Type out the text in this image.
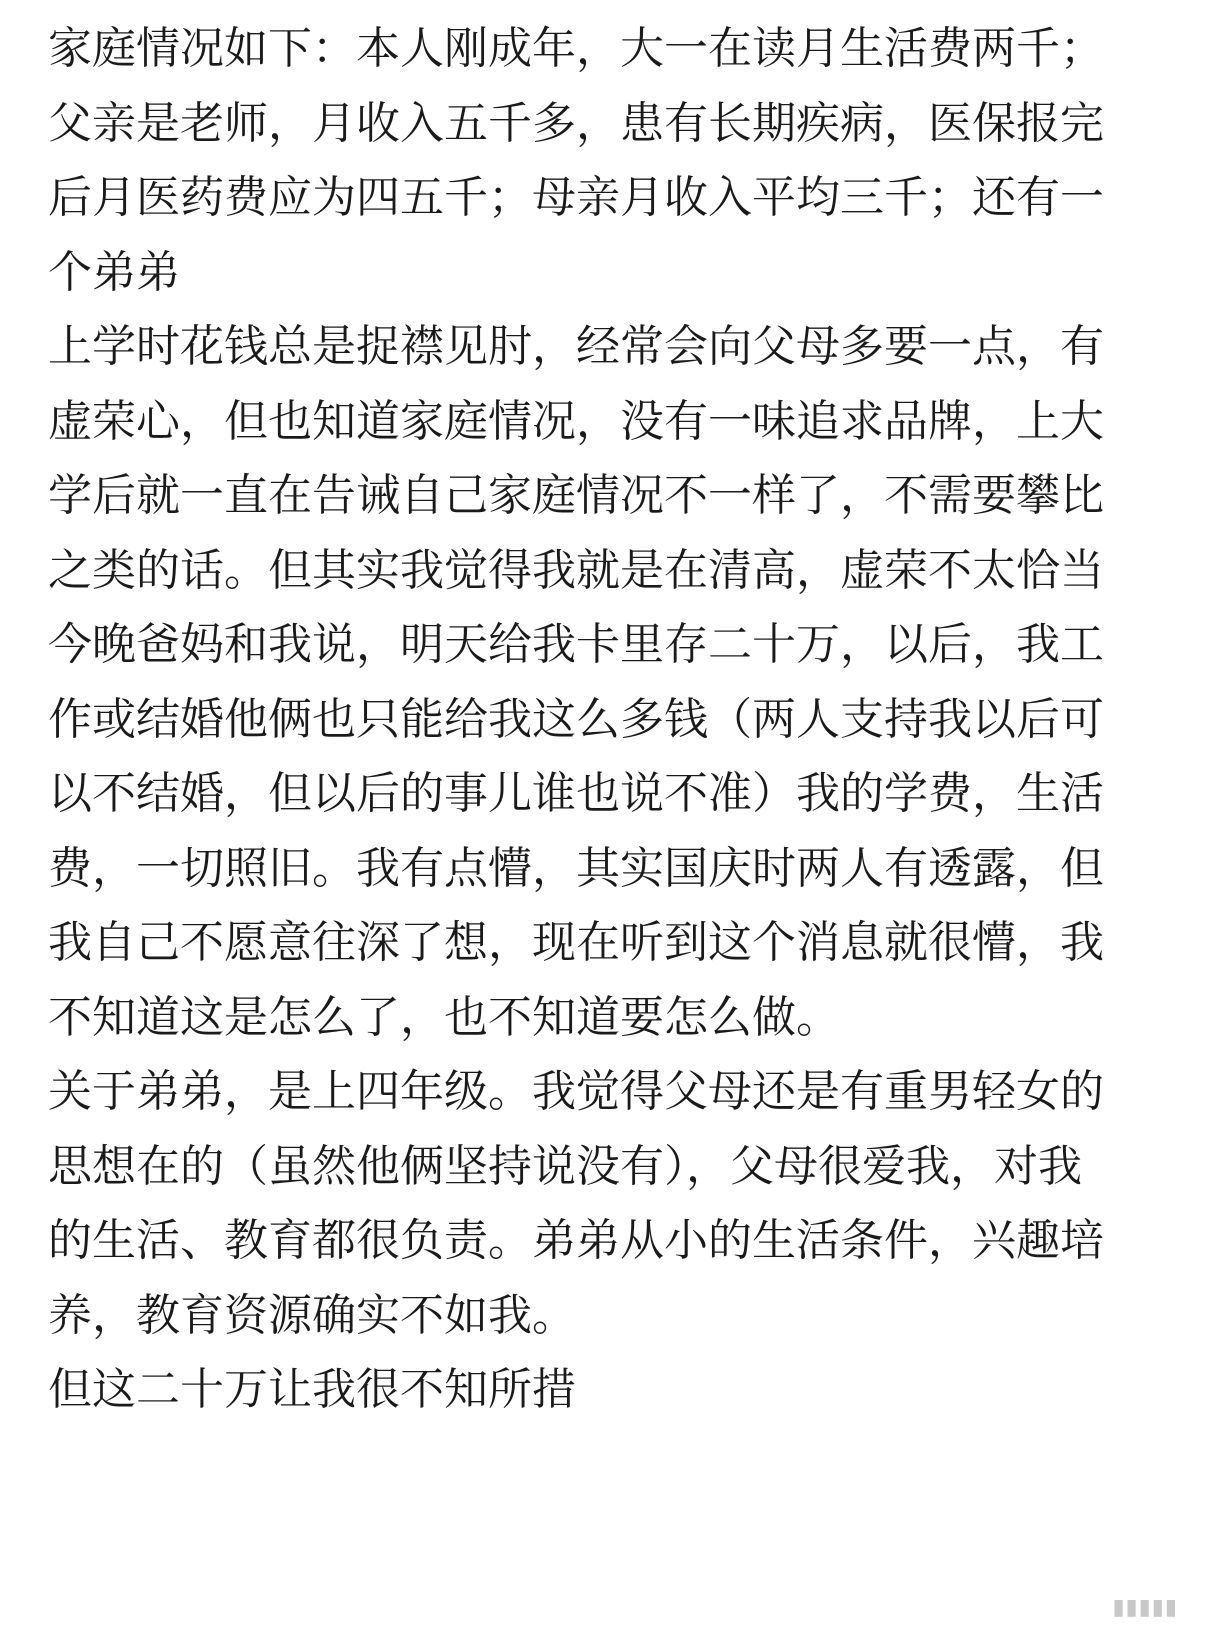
家庭情况如下：本人刚成年，大一在读月生活费两千；父亲是老师，月收入五千多，患有长期疾病，医保报完后月医药费应为四五千；母亲月收入平均三千；还有一个弟弟

上学时花钱总是捉襟见肘，经常会向父母多要一点，有虚荣心，但也知道家庭情况，没有一味追求品牌，上大学后就一直在告诫自己家庭情况不一样了，不需要攀比之类的话。但其实我觉得我就是在清高，虚荣不太恰当

今晚爸妈和我说，明天给我卡里存二十万，以后，我工作或结婚他俩也只能给我这么多钱（两人支持我以后可以不结婚，但以后的事儿谁也说不准）我的学费，生活费，一切照旧。我有点懵，其实国庆时两人有透露，但我自己不愿意往深了想，现在听到这个消息就很懵，我不知道这是怎么了，也不知道要怎么做。

关于弟弟，是上四年级。我觉得父母还是有重男轻女的思想在的（虽然他俩坚持说没有），父母很爱我，对我的生活、教育都很负责。弟弟从小的生活条件，兴趣培养，教育资源确实不如我。

但这二十万让我很不知所措

▮▮▮▮▮
